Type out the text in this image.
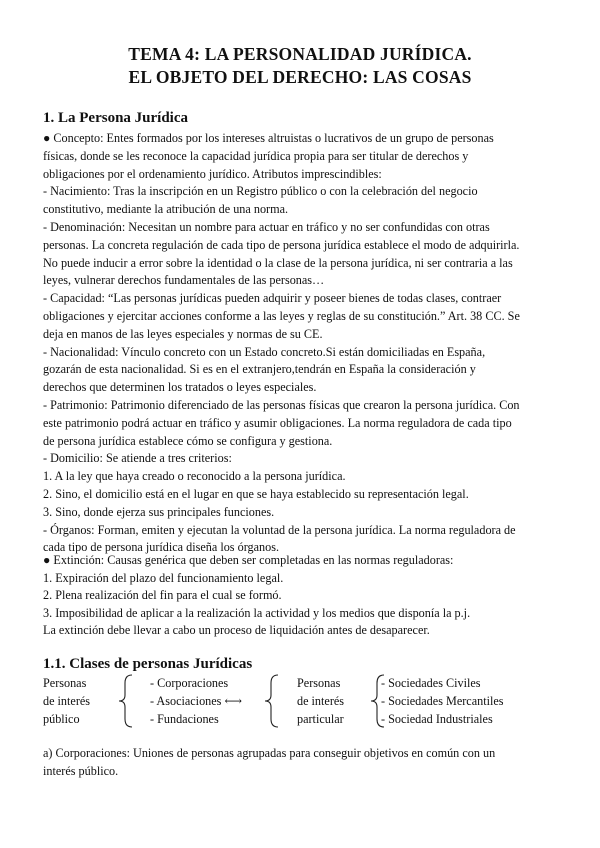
TEMA 4: LA PERSONALIDAD JURÍDICA.
EL OBJETO DEL DERECHO: LAS COSAS
1. La Persona Jurídica
● Concepto: Entes formados por los intereses altruistas o lucrativos de un grupo de personas
físicas, donde se les reconoce la capacidad jurídica propia para ser titular de derechos y
obligaciones por el ordenamiento jurídico. Atributos imprescindibles:
- Nacimiento: Tras la inscripción en un Registro público o con la celebración del negocio
constitutivo, mediante la atribución de una norma.
- Denominación: Necesitan un nombre para actuar en tráfico y no ser confundidas con otras
personas. La concreta regulación de cada tipo de persona jurídica establece el modo de adquirirla.
No puede inducir a error sobre la identidad o la clase de la persona jurídica, ni ser contraria a las
leyes, vulnerar derechos fundamentales de las personas…
- Capacidad: “Las personas jurídicas pueden adquirir y poseer bienes de todas clases, contraer
obligaciones y ejercitar acciones conforme a las leyes y reglas de su constitución.” Art. 38 CC. Se
deja en manos de las leyes especiales y normas de su CE.
- Nacionalidad: Vínculo concreto con un Estado concreto.Si están domiciliadas en España,
gozarán de esta nacionalidad. Si es en el extranjero,tendrán en España la consideración y
derechos que determinen los tratados o leyes especiales.
- Patrimonio: Patrimonio diferenciado de las personas físicas que crearon la persona jurídica. Con
este patrimonio podrá actuar en tráfico y asumir obligaciones. La norma reguladora de cada tipo
de persona jurídica establece cómo se configura y gestiona.
- Domicilio: Se atiende a tres criterios:
1. A la ley que haya creado o reconocido a la persona jurídica.
2. Sino, el domicilio está en el lugar en que se haya establecido su representación legal.
3. Sino, donde ejerza sus principales funciones.
- Órganos: Forman, emiten y ejecutan la voluntad de la persona jurídica. La norma reguladora de
cada tipo de persona jurídica diseña los órganos.
● Extinción: Causas genérica que deben ser completadas en las normas reguladoras:
1. Expiración del plazo del funcionamiento legal.
2. Plena realización del fin para el cual se formó.
3. Imposibilidad de aplicar a la realización la actividad y los medios que disponía la p.j.
La extinción debe llevar a cabo un proceso de liquidación antes de desaparecer.
1.1. Clases de personas Jurídicas
Personas
de interés
público
- Corporaciones
- Asociaciones ⟷
- Fundaciones
Personas
de interés
particular
- Sociedades Civiles
- Sociedades Mercantiles
- Sociedad Industriales
a) Corporaciones: Uniones de personas agrupadas para conseguir objetivos en común con un
interés público.
